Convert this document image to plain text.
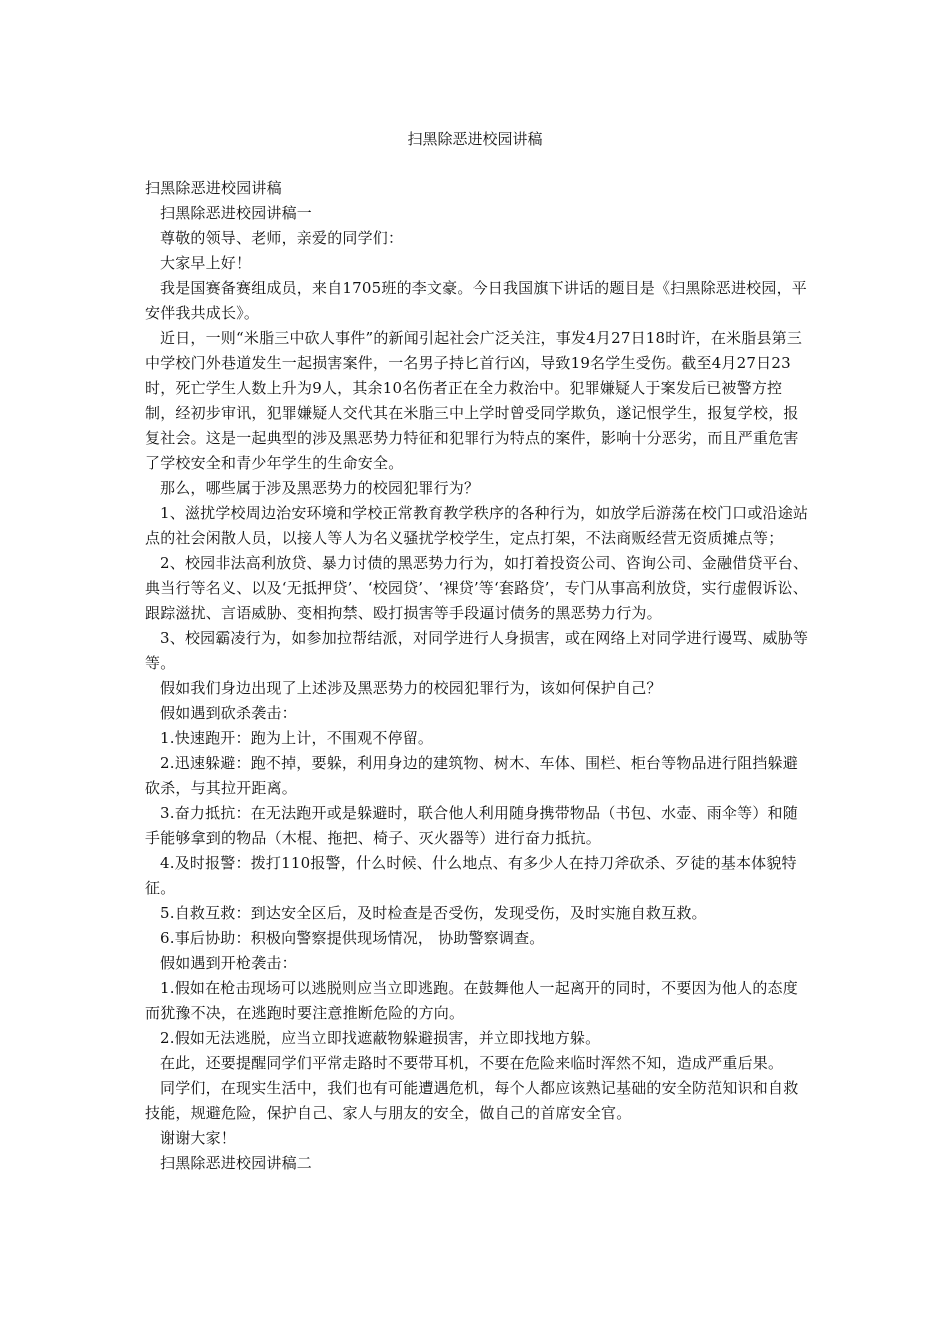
扫黑除恶进校园讲稿

扫黑除恶进校园讲稿

扫黑除恶进校园讲稿一

尊敬的领导、老师，亲爱的同学们：

大家早上好！

我是国赛备赛组成员，来自1705班的李文豪。今日我国旗下讲话的题目是《扫黑除恶进校园，平安伴我共成长》。

近日，一则“米脂三中砍人事件”的新闻引起社会广泛关注，事发4月27日18时许，在米脂县第三中学校门外巷道发生一起损害案件，一名男子持匕首行凶，导致19名学生受伤。截至4月27日23时，死亡学生人数上升为9人，其余10名伤者正在全力救治中。犯罪嫌疑人于案发后已被警方控制，经初步审讯，犯罪嫌疑人交代其在米脂三中上学时曾受同学欺负，遂记恨学生，报复学校，报复社会。这是一起典型的涉及黑恶势力特征和犯罪行为特点的案件，影响十分恶劣，而且严重危害了学校安全和青少年学生的生命安全。

那么，哪些属于涉及黑恶势力的校园犯罪行为？

1、滋扰学校周边治安环境和学校正常教育教学秩序的各种行为，如放学后游荡在校门口或沿途站点的社会闲散人员，以接人等人为名义骚扰学校学生，定点打架，不法商贩经营无资质摊点等；

2、校园非法高利放贷、暴力讨债的黑恶势力行为，如打着投资公司、咨询公司、金融借贷平台、典当行等名义、以及‘无抵押贷’、‘校园贷’、‘裸贷’等‘套路贷’，专门从事高利放贷，实行虚假诉讼、跟踪滋扰、言语威胁、变相拘禁、殴打损害等手段逼讨债务的黑恶势力行为。

3、校园霸凌行为，如参加拉帮结派，对同学进行人身损害，或在网络上对同学进行谩骂、威胁等等。

假如我们身边出现了上述涉及黑恶势力的校园犯罪行为，该如何保护自己？

假如遇到砍杀袭击：

1.快速跑开：跑为上计，不围观不停留。

2.迅速躲避：跑不掉，要躲，利用身边的建筑物、树木、车体、围栏、柜台等物品进行阻挡躲避砍杀，与其拉开距离。

3.奋力抵抗：在无法跑开或是躲避时，联合他人利用随身携带物品（书包、水壶、雨伞等）和随手能够拿到的物品（木棍、拖把、椅子、灭火器等）进行奋力抵抗。

4.及时报警：拨打110报警，什么时候、什么地点、有多少人在持刀斧砍杀、歹徒的基本体貌特征。

5.自救互救：到达安全区后，及时检查是否受伤，发现受伤，及时实施自救互救。

6.事后协助：积极向警察提供现场情况， 协助警察调查。

假如遇到开枪袭击：

1.假如在枪击现场可以逃脱则应当立即逃跑。在鼓舞他人一起离开的同时，不要因为他人的态度而犹豫不决，在逃跑时要注意推断危险的方向。

2.假如无法逃脱，应当立即找遮蔽物躲避损害，并立即找地方躲。

在此，还要提醒同学们平常走路时不要带耳机，不要在危险来临时浑然不知，造成严重后果。

同学们，在现实生活中，我们也有可能遭遇危机，每个人都应该熟记基础的安全防范知识和自救技能，规避危险，保护自己、家人与朋友的安全，做自己的首席安全官。

谢谢大家！

扫黑除恶进校园讲稿二
